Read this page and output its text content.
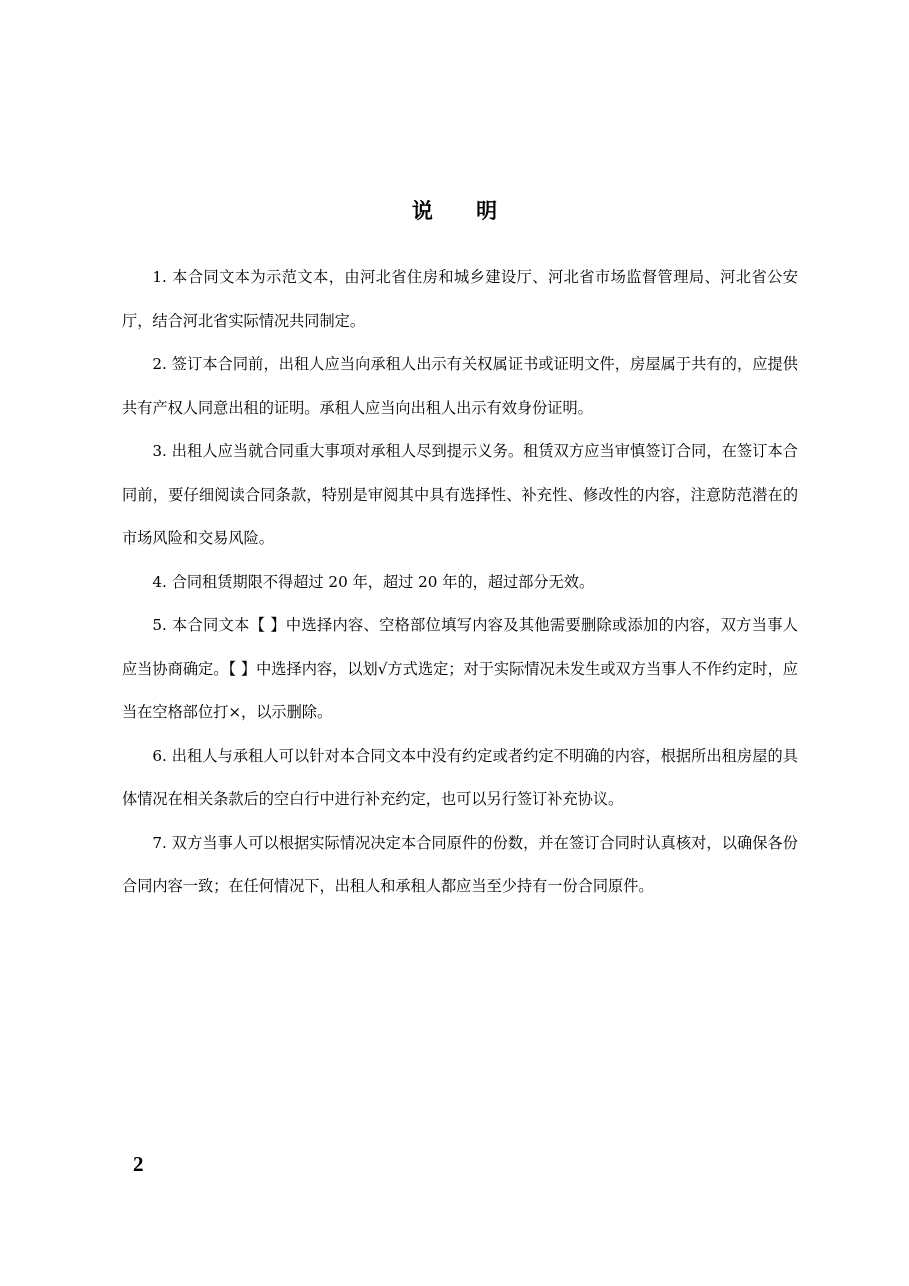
说 明

1. 本合同文本为示范文本，由河北省住房和城乡建设厅、河北省市场监督管理局、河北省公安厅，结合河北省实际情况共同制定。

2. 签订本合同前，出租人应当向承租人出示有关权属证书或证明文件，房屋属于共有的，应提供共有产权人同意出租的证明。承租人应当向出租人出示有效身份证明。

3. 出租人应当就合同重大事项对承租人尽到提示义务。租赁双方应当审慎签订合同，在签订本合同前，要仔细阅读合同条款，特别是审阅其中具有选择性、补充性、修改性的内容，注意防范潜在的市场风险和交易风险。

4. 合同租赁期限不得超过 20 年，超过 20 年的，超过部分无效。

5. 本合同文本【 】中选择内容、空格部位填写内容及其他需要删除或添加的内容，双方当事人应当协商确定。【 】中选择内容，以划√方式选定；对于实际情况未发生或双方当事人不作约定时，应当在空格部位打×，以示删除。

6. 出租人与承租人可以针对本合同文本中没有约定或者约定不明确的内容，根据所出租房屋的具体情况在相关条款后的空白行中进行补充约定，也可以另行签订补充协议。

7. 双方当事人可以根据实际情况决定本合同原件的份数，并在签订合同时认真核对，以确保各份合同内容一致；在任何情况下，出租人和承租人都应当至少持有一份合同原件。

2
